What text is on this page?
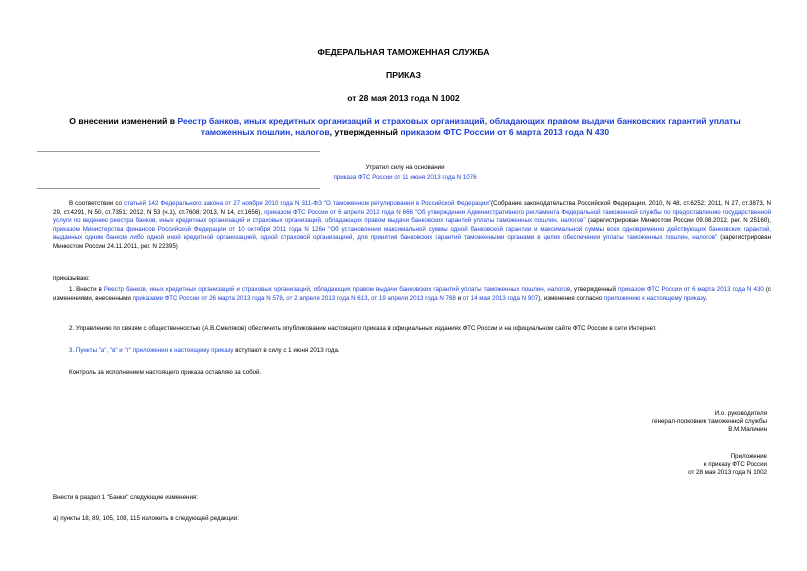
ФЕДЕРАЛЬНАЯ ТАМОЖЕННАЯ СЛУЖБА
ПРИКАЗ
от 28 мая 2013 года N 1002
О внесении изменений в Реестр банков, иных кредитных организаций и страховых организаций, обладающих правом выдачи банковских гарантий уплаты таможенных пошлин, налогов, утвержденный приказом ФТС России от 6 марта 2013 года N 430
Утратил силу на основании
приказа ФТС России от 11 июня 2013 года N 1076
В соответствии со статьей 142 Федерального закона от 27 ноября 2010 года N 311-ФЗ "О таможенном регулировании в Российской Федерации"(Собрание законодательства Российской Федерации, 2010, N 48, ст.6252; 2011, N 27, ст.3873, N 29, ст.4291, N 50, ст.7351; 2012, N 53 (ч.1), ст.7608; 2013, N 14, ст.1656), приказом ФТС России от 6 апреля 2012 года N 666 "Об утверждении Административного регламента Федеральной таможенной службы по предоставлению государственной услуги по ведению реестра банков, иных кредитных организаций и страховых организаций, обладающих правом выдачи банковских гарантий уплаты таможенных пошлин, налогов" (зарегистрирован Минюстом России 09.08.2012, рег. N 25160), приказом Министерства финансов Российской Федерации от 10 октября 2011 года N 126н "Об установлении максимальной суммы одной банковской гарантии и максимальной суммы всех одновременно действующих банковских гарантий, выданных одним банком либо одной иной кредитной организацией, одной страховой организацией, для принятия банковских гарантий таможенными органами в целях обеспечения уплаты таможенных пошлин, налогов" (зарегистрирован Минюстом России 24.11.2011, рег. N 22395)
приказываю:
1. Внести в Реестр банков, иных кредитных организаций и страховых организаций, обладающих правом выдачи банковских гарантий уплаты таможенных пошлин, налогов, утвержденный приказом ФТС России от 6 марта 2013 года N 430 (с изменениями, внесенными приказами ФТС России от 26 марта 2013 года N 578, от 2 апреля 2013 года N 613, от 19 апреля 2013 года N 768 и от 14 мая 2013 года N 907), изменения согласно приложению к настоящему приказу.
2. Управлению по связям с общественностью (А.В.Смеляков) обеспечить опубликование настоящего приказа в официальных изданиях ФТС России и на официальном сайте ФТС России в сети Интернет.
3. Пункты "а", "в" и "г" приложения к настоящему приказу вступают в силу с 1 июня 2013 года.
Контроль за исполнением настоящего приказа оставляю за собой.
И.о. руководителя
генерал-полковник таможенной службы
В.М.Малинин
Приложение
к приказу ФТС России
от 28 мая 2013 года N 1002
Внести в раздел 1 "Банки" следующие изменения:
а) пункты 18, 89, 105, 108, 115 изложить в следующей редакции:
